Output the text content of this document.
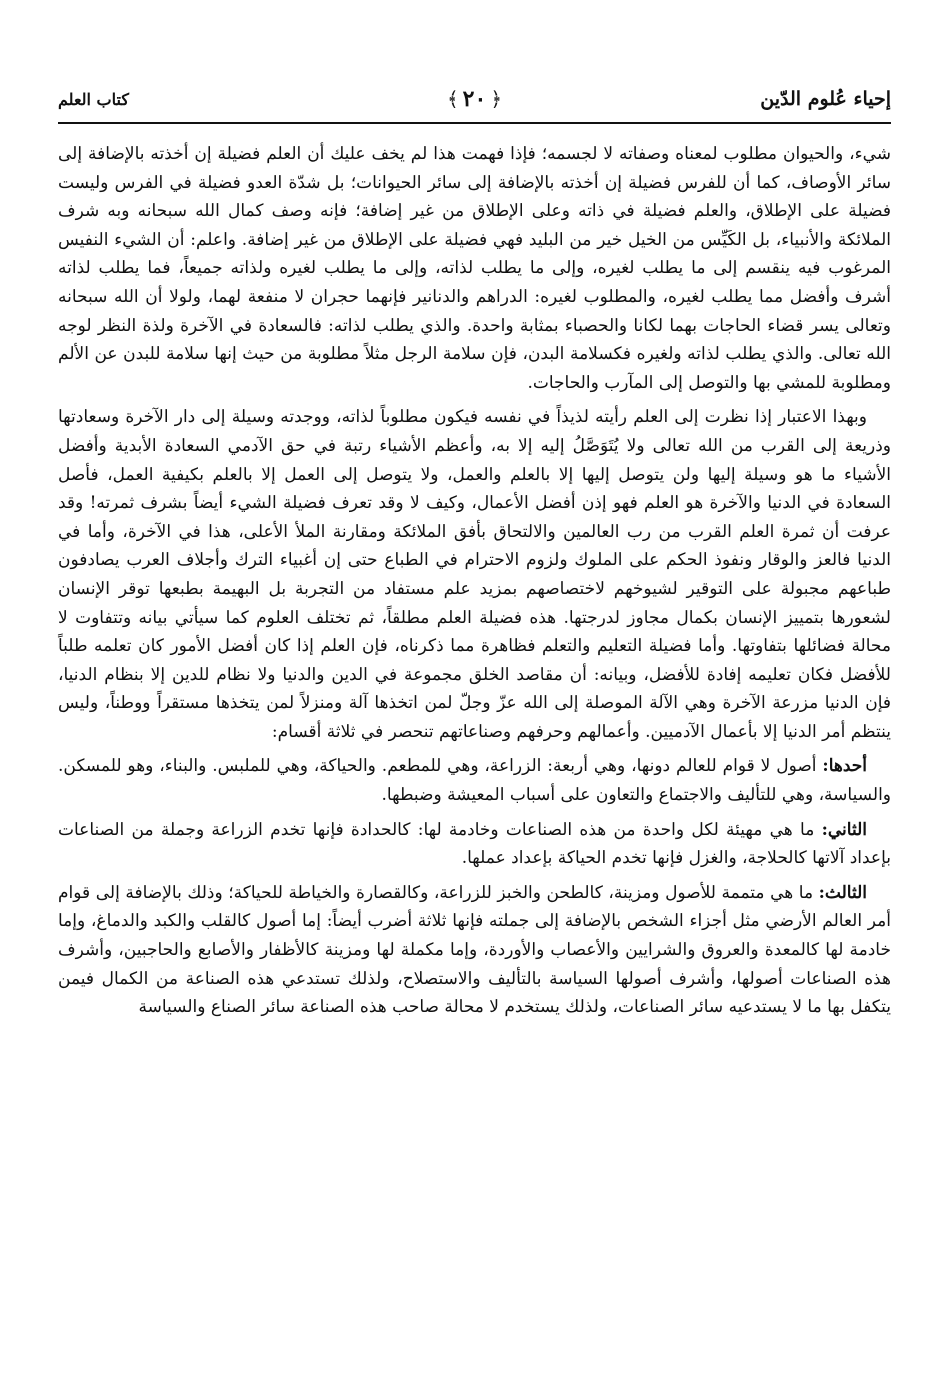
إحياء عُلوم الدّين
﴿
٢٠
﴾
كتاب العلم

شيء، والحيوان مطلوب لمعناه وصفاته لا لجسمه؛ فإذا فهمت هذا لم يخف عليك أن العلم فضيلة إن أخذته بالإضافة إلى سائر الأوصاف، كما أن للفرس فضيلة إن أخذته بالإضافة إلى سائر الحيوانات؛ بل شدّة العدو فضيلة في الفرس وليست فضيلة على الإطلاق، والعلم فضيلة في ذاته وعلى الإطلاق من غير إضافة؛ فإنه وصف كمال الله سبحانه وبه شرف الملائكة والأنبياء، بل الكَيِّس من الخيل خير من البليد فهي فضيلة على الإطلاق من غير إضافة. واعلم: أن الشيء النفيس المرغوب فيه ينقسم إلى ما يطلب لغيره، وإلى ما يطلب لذاته، وإلى ما يطلب لغيره ولذاته جميعاً، فما يطلب لذاته أشرف وأفضل مما يطلب لغيره، والمطلوب لغيره: الدراهم والدنانير فإنهما حجران لا منفعة لهما، ولولا أن الله سبحانه وتعالى يسر قضاء الحاجات بهما لكانا والحصباء بمثابة واحدة. والذي يطلب لذاته: فالسعادة في الآخرة ولذة النظر لوجه الله تعالى. والذي يطلب لذاته ولغيره فكسلامة البدن، فإن سلامة الرجل مثلاً مطلوبة من حيث إنها سلامة للبدن عن الألم ومطلوبة للمشي بها والتوصل إلى المآرب والحاجات.

وبهذا الاعتبار إذا نظرت إلى العلم رأيته لذيذاً في نفسه فيكون مطلوباً لذاته، ووجدته وسيلة إلى دار الآخرة وسعادتها وذريعة إلى القرب من الله تعالى ولا يُتَوَصَّلُ إليه إلا به، وأعظم الأشياء رتبة في حق الآدمي السعادة الأبدية وأفضل الأشياء ما هو وسيلة إليها ولن يتوصل إليها إلا بالعلم والعمل، ولا يتوصل إلى العمل إلا بالعلم بكيفية العمل، فأصل السعادة في الدنيا والآخرة هو العلم فهو إذن أفضل الأعمال، وكيف لا وقد تعرف فضيلة الشيء أيضاً بشرف ثمرته! وقد عرفت أن ثمرة العلم القرب من رب العالمين والالتحاق بأفق الملائكة ومقارنة الملأ الأعلى، هذا في الآخرة، وأما في الدنيا فالعز والوقار ونفوذ الحكم على الملوك ولزوم الاحترام في الطباع حتى إن أغبياء الترك وأجلاف العرب يصادفون طباعهم مجبولة على التوقير لشيوخهم لاختصاصهم بمزيد علم مستفاد من التجربة بل البهيمة بطبعها توقر الإنسان لشعورها بتمييز الإنسان بكمال مجاوز لدرجتها. هذه فضيلة العلم مطلقاً، ثم تختلف العلوم كما سيأتي بيانه وتتفاوت لا محالة فضائلها بتفاوتها. وأما فضيلة التعليم والتعلم فظاهرة مما ذكرناه، فإن العلم إذا كان أفضل الأمور كان تعلمه طلباً للأفضل فكان تعليمه إفادة للأفضل، وبيانه: أن مقاصد الخلق مجموعة في الدين والدنيا ولا نظام للدين إلا بنظام الدنيا، فإن الدنيا مزرعة الآخرة وهي الآلة الموصلة إلى الله عزّ وجلّ لمن اتخذها آلة ومنزلاً لمن يتخذها مستقراً ووطناً، وليس ينتظم أمر الدنيا إلا بأعمال الآدميين. وأعمالهم وحرفهم وصناعاتهم تنحصر في ثلاثة أقسام:

أحدها: أصول لا قوام للعالم دونها، وهي أربعة: الزراعة، وهي للمطعم. والحياكة، وهي للملبس. والبناء، وهو للمسكن. والسياسة، وهي للتأليف والاجتماع والتعاون على أسباب المعيشة وضبطها.

الثاني: ما هي مهيئة لكل واحدة من هذه الصناعات وخادمة لها: كالحدادة فإنها تخدم الزراعة وجملة من الصناعات بإعداد آلاتها كالحلاجة، والغزل فإنها تخدم الحياكة بإعداد عملها.

الثالث: ما هي متممة للأصول ومزينة، كالطحن والخبز للزراعة، وكالقصارة والخياطة للحياكة؛ وذلك بالإضافة إلى قوام أمر العالم الأرضي مثل أجزاء الشخص بالإضافة إلى جملته فإنها ثلاثة أضرب أيضاً: إما أصول كالقلب والكبد والدماغ، وإما خادمة لها كالمعدة والعروق والشرايين والأعصاب والأوردة، وإما مكملة لها ومزينة كالأظفار والأصابع والحاجبين، وأشرف هذه الصناعات أصولها، وأشرف أصولها السياسة بالتأليف والاستصلاح، ولذلك تستدعي هذه الصناعة من الكمال فيمن يتكفل بها ما لا يستدعيه سائر الصناعات، ولذلك يستخدم لا محالة صاحب هذه الصناعة سائر الصناع والسياسة
